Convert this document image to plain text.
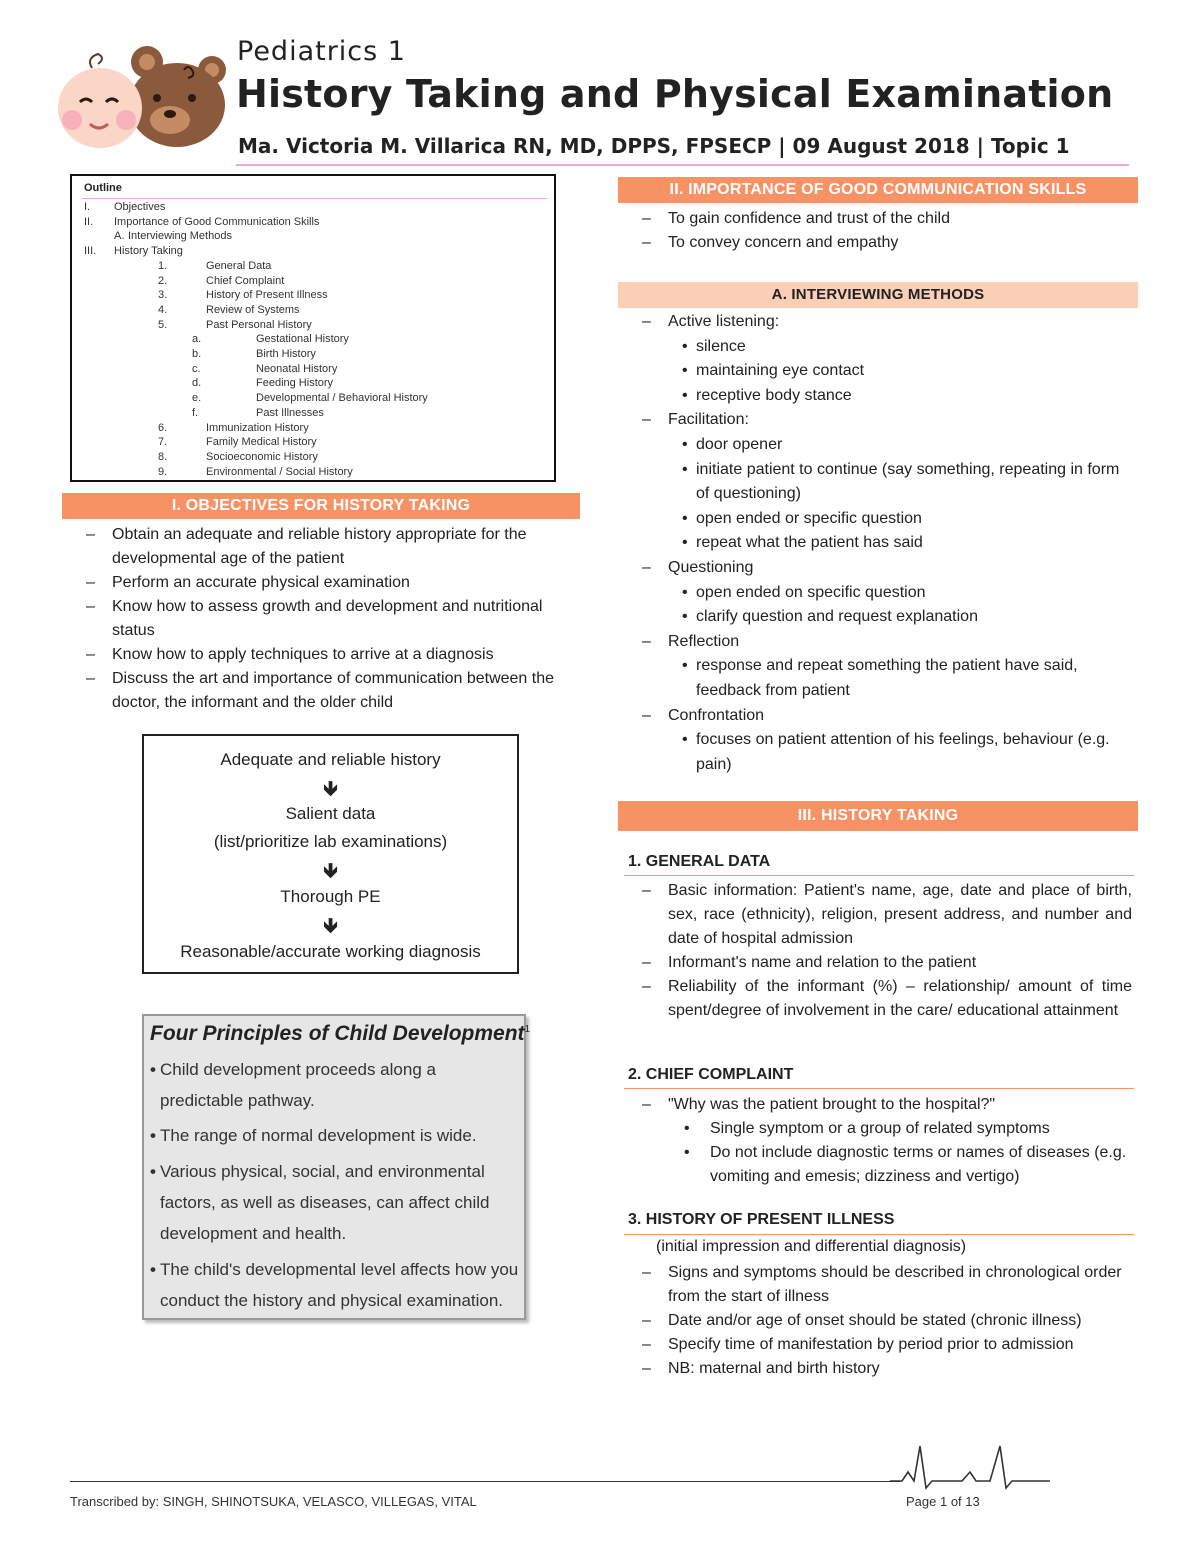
Pediatrics 1
History Taking and Physical Examination
Ma. Victoria M. Villarica RN, MD, DPPS, FPSECP | 09 August 2018 | Topic 1
Outline
I. Objectives
II. Importance of Good Communication Skills
A. Interviewing Methods
III. History Taking
1.	General Data
2.	Chief Complaint
3.	History of Present Illness
4.	Review of Systems
5.	Past Personal History
a.	Gestational History
b.	Birth History
c.	Neonatal History
d.	Feeding History
e.	Developmental / Behavioral History
f.	Past Illnesses
6.	Immunization History
7.	Family Medical History
8.	Socioeconomic History
9.	Environmental / Social History
I. OBJECTIVES FOR HISTORY TAKING
– Obtain an adequate and reliable history appropriate for the developmental age of the patient
– Perform an accurate physical examination
– Know how to assess growth and development and nutritional status
– Know how to apply techniques to arrive at a diagnosis
– Discuss the art and importance of communication between the doctor, the informant and the older child
Adequate and reliable history
🡻
Salient data
(list/prioritize lab examinations)
🡻
Thorough PE
🡻
Reasonable/accurate working diagnosis
Four Principles of Child Development$^1$
• Child development proceeds along a predictable pathway.
• The range of normal development is wide.
• Various physical, social, and environmental factors, as well as diseases, can affect child development and health.
• The child's developmental level affects how you conduct the history and physical examination.
II. IMPORTANCE OF GOOD COMMUNICATION SKILLS
– To gain confidence and trust of the child
– To convey concern and empathy
A. INTERVIEWING METHODS
– Active listening:
• silence
• maintaining eye contact
• receptive body stance
– Facilitation:
• door opener
• initiate patient to continue (say something, repeating in form of questioning)
• open ended or specific question
• repeat what the patient has said
– Questioning
• open ended on specific question
• clarify question and request explanation
– Reflection
• response and repeat something the patient have said, feedback from patient
– Confrontation
• focuses on patient attention of his feelings, behaviour (e.g. pain)
III. HISTORY TAKING
1. GENERAL DATA
– Basic information: Patient's name, age, date and place of birth, sex, race (ethnicity), religion, present address, and number and date of hospital admission
– Informant's name and relation to the patient
– Reliability of the informant (%) – relationship/ amount of time spent/degree of involvement in the care/ educational attainment
2. CHIEF COMPLAINT
– "Why was the patient brought to the hospital?"
• Single symptom or a group of related symptoms
• Do not include diagnostic terms or names of diseases (e.g. vomiting and emesis; dizziness and vertigo)
3. HISTORY OF PRESENT ILLNESS
(initial impression and differential diagnosis)
– Signs and symptoms should be described in chronological order from the start of illness
– Date and/or age of onset should be stated (chronic illness)
– Specify time of manifestation by period prior to admission
– NB: maternal and birth history
Transcribed by: SINGH, SHINOTSUKA, VELASCO, VILLEGAS, VITAL	Page 1 of 13
